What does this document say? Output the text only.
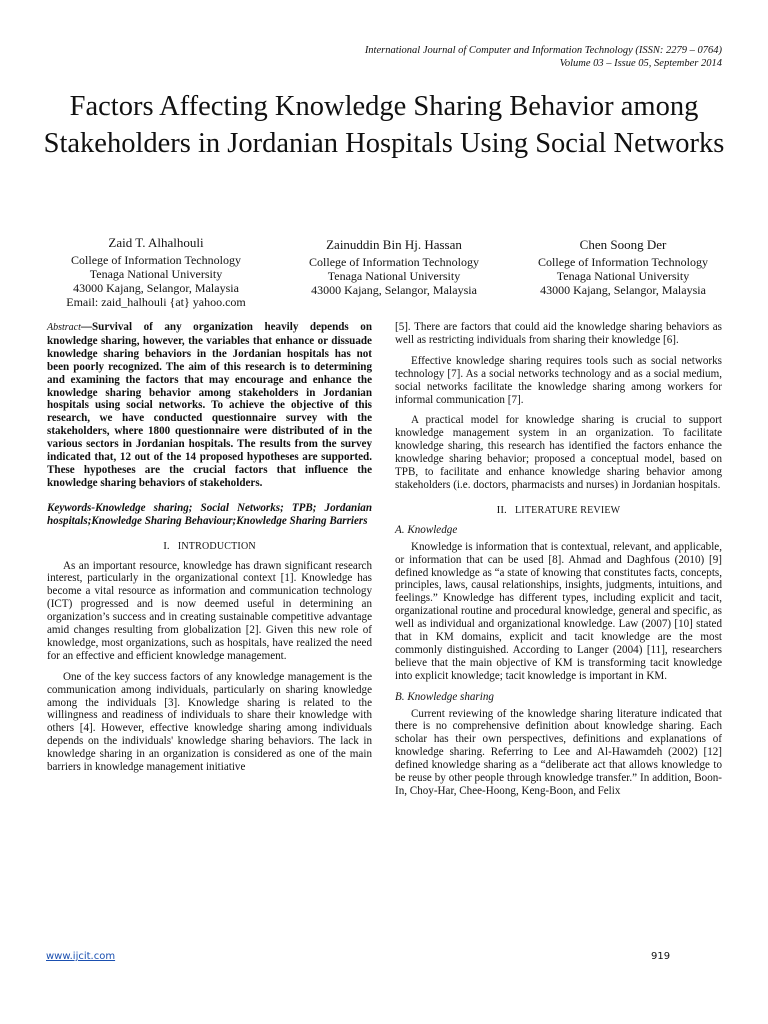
International Journal of Computer and Information Technology (ISSN: 2279 – 0764)
Volume 03 – Issue 05, September 2014
Factors Affecting Knowledge Sharing Behavior among Stakeholders in Jordanian Hospitals Using Social Networks
Zaid T. Alhalhouli
College of Information Technology
Tenaga National University
43000 Kajang, Selangor, Malaysia
Email: zaid_halhouli {at} yahoo.com
Zainuddin Bin Hj. Hassan
College of Information Technology
Tenaga National University
43000 Kajang, Selangor, Malaysia
Chen Soong Der
College of Information Technology
Tenaga National University
43000 Kajang, Selangor, Malaysia

Abstract—Survival of any organization heavily depends on knowledge sharing, however, the variables that enhance or dissuade knowledge sharing behaviors in the Jordanian hospitals has not been poorly recognized. The aim of this research is to determining and examining the factors that may encourage and enhance the knowledge sharing behavior among stakeholders in Jordanian hospitals using social networks. To achieve the objective of this research, we have conducted questionnaire survey with the stakeholders, where 1800 questionnaire were distributed of in the various sectors in Jordanian hospitals. The results from the survey indicated that, 12 out of the 14 proposed hypotheses are supported. These hypotheses are the crucial factors that influence the knowledge sharing behaviors of stakeholders.

Keywords-Knowledge sharing; Social Networks; TPB; Jordanian hospitals;Knowledge Sharing Behaviour;Knowledge Sharing Barriers

I. INTRODUCTION

As an important resource, knowledge has drawn significant research interest, particularly in the organizational context [1]. Knowledge has become a vital resource as information and communication technology (ICT) progressed and is now deemed useful in determining an organization’s success and in creating sustainable competitive advantage amid changes resulting from globalization [2]. Given this new role of knowledge, most organizations, such as hospitals, have realized the need for an effective and efficient knowledge management.

One of the key success factors of any knowledge management is the communication among individuals, particularly on sharing knowledge among the individuals [3]. Knowledge sharing is related to the willingness and readiness of individuals to share their knowledge with others [4]. However, effective knowledge sharing among individuals depends on the individuals' knowledge sharing behaviors. The lack in knowledge sharing in an organization is considered as one of the main barriers in knowledge management initiative

[5]. There are factors that could aid the knowledge sharing behaviors as well as restricting individuals from sharing their knowledge [6].

Effective knowledge sharing requires tools such as social networks technology [7]. As a social networks technology and as a social medium, social networks facilitate the knowledge sharing among workers for informal communication [7].

A practical model for knowledge sharing is crucial to support knowledge management system in an organization. To facilitate knowledge sharing, this research has identified the factors enhance the knowledge sharing behavior; proposed a conceptual model, based on TPB, to facilitate and enhance knowledge sharing behavior among stakeholders (i.e. doctors, pharmacists and nurses) in Jordanian hospitals.

II. LITERATURE REVIEW
A. Knowledge

Knowledge is information that is contextual, relevant, and applicable, or information that can be used [8]. Ahmad and Daghfous (2010) [9] defined knowledge as “a state of knowing that constitutes facts, concepts, principles, laws, causal relationships, insights, judgments, intuitions, and feelings.” Knowledge has different types, including explicit and tacit, organizational routine and procedural knowledge, general and specific, as well as individual and organizational knowledge. Law (2007) [10] stated that in KM domains, explicit and tacit knowledge are the most commonly distinguished. According to Langer (2004) [11], researchers believe that the main objective of KM is transforming tacit knowledge into explicit knowledge; tacit knowledge is important in KM.

B. Knowledge sharing

Current reviewing of the knowledge sharing literature indicated that there is no comprehensive definition about knowledge sharing. Each scholar has their own perspectives, definitions and explanations of knowledge sharing. Referring to Lee and Al-Hawamdeh (2002) [12] defined knowledge sharing as a “deliberate act that allows knowledge to be reuse by other people through knowledge transfer.” In addition, Boon-In, Choy-Har, Chee-Hoong, Keng-Boon, and Felix

www.ijcit.com	919
